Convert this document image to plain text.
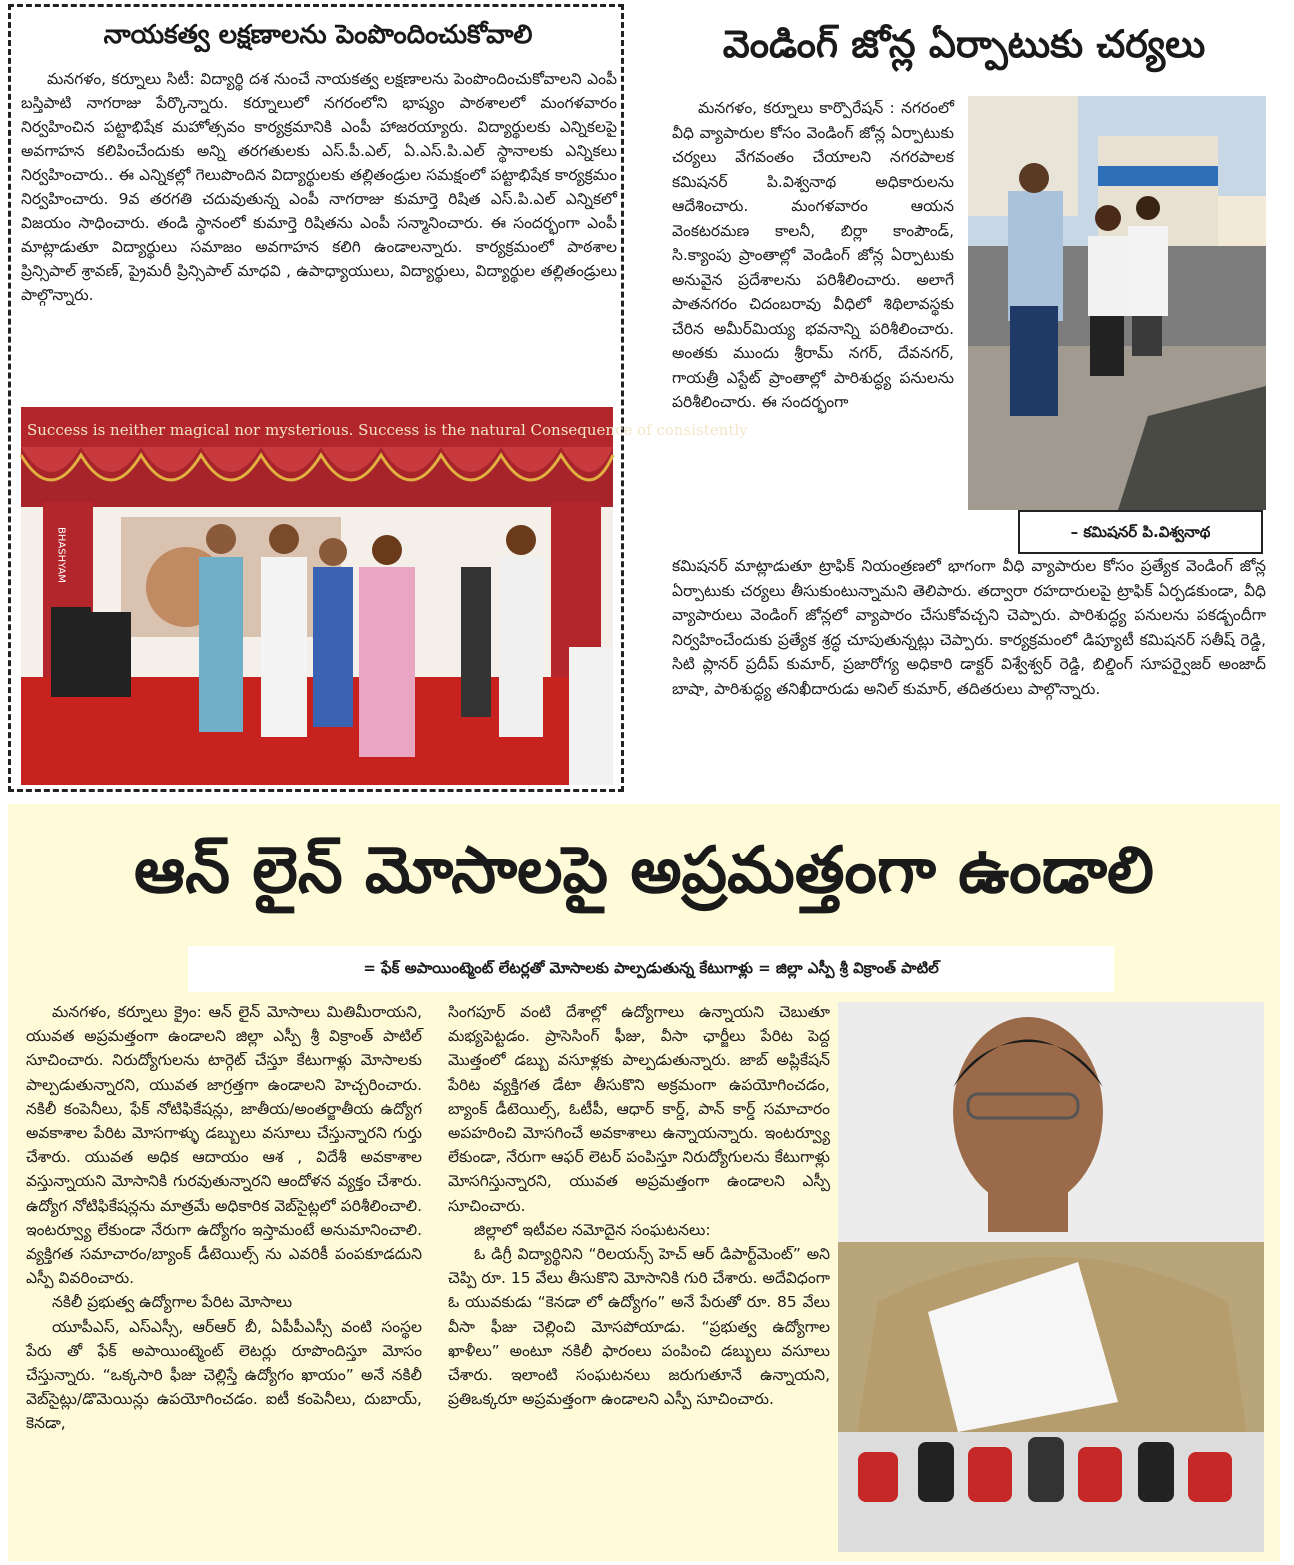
నాయకత్వ లక్షణాలను పెంపొందించుకోవాలి

మనగళం, కర్నూలు సిటీ: విద్యార్థి దశ నుంచే నాయకత్వ లక్షణాలను పెంపొందించుకోవాలని ఎంపీ బస్తిపాటి నాగరాజు పేర్కొన్నారు. కర్నూలులో నగరంలోని భాష్యం పాఠశాలలో మంగళవారం నిర్వహించిన పట్టాభిషేక మహోత్సవం కార్యక్రమానికి ఎంపీ హాజరయ్యారు. విద్యార్థులకు ఎన్నికలపై అవగాహన కలిపించేందుకు అన్ని తరగతులకు ఎస్.పీ.ఎల్, ఏ.ఎస్.పి.ఎల్ స్థానాలకు ఎన్నికలు నిర్వహించారు.. ఈ ఎన్నికల్లో గెలుపొందిన విద్యార్థులకు తల్లితండ్రుల సమక్షంలో పట్టాభిషేక కార్యక్రమం నిర్వహించారు. 9వ తరగతి చదువుతున్న ఎంపీ నాగరాజు కుమార్తె రిషిత ఎస్.పి.ఎల్ ఎన్నికలో విజయం సాధించారు. తండి స్థానంలో కుమార్తె రిషితను ఎంపీ సన్మానించారు. ఈ సందర్భంగా ఎంపీ మాట్లాడుతూ విద్యార్థులు సమాజం అవగాహన కలిగి ఉండాలన్నారు. కార్యక్రమంలో పాఠశాల ప్రిన్సిపాల్ శ్రావణ్, ప్రైమరీ ప్రిన్సిపాల్ మాధవి , ఉపాధ్యాయులు, విద్యార్థులు, విద్యార్థుల తల్లితండ్రులు పాల్గొన్నారు.

Success is neither magical nor mysterious. Success is the natural Consequence of consistently
BHASHYAM
వెండింగ్ జోన్ల ఏర్పాటుకు చర్యలు

మనగళం, కర్నూలు కార్పొరేషన్ : నగరంలో వీధి వ్యాపారుల కోసం వెండింగ్ జోన్ల ఏర్పాటుకు చర్యలు వేగవంతం చేయాలని నగరపాలక కమిషనర్ పి.విశ్వనాథ అధికారులను ఆదేశించారు. మంగళవారం ఆయన వెంకటరమణ కాలనీ, బిర్లా కాంపౌండ్, సి.క్యాంపు ప్రాంతాల్లో వెండింగ్ జోన్ల ఏర్పాటుకు అనువైన ప్రదేశాలను పరిశీలించారు. అలాగే పాతనగరం చిదంబరావు వీధిలో శిథిలావస్థకు చేరిన అమీర్‌మియ్య భవనాన్ని పరిశీలించారు. అంతకు ముందు శ్రీరామ్ నగర్, దేవనగర్, గాయత్రీ ఎస్టేట్ ప్రాంతాల్లో పారిశుద్ధ్య పనులను పరిశీలించారు. ఈ సందర్భంగా

– కమిషనర్ పి.విశ్వనాథ

కమిషనర్ మాట్లాడుతూ ట్రాఫిక్ నియంత్రణలో భాగంగా వీధి వ్యాపారుల కోసం ప్రత్యేక వెండింగ్ జోన్ల ఏర్పాటుకు చర్యలు తీసుకుంటున్నామని తెలిపారు. తద్వారా రహదారులపై ట్రాఫిక్ ఏర్పడకుండా, వీధి వ్యాపారులు వెండింగ్ జోన్లలో వ్యాపారం చేసుకోవచ్చని చెప్పారు. పారిశుద్ధ్య పనులను పకడ్బందీగా నిర్వహించేందుకు ప్రత్యేక శ్రద్ధ చూపుతున్నట్లు చెప్పారు. కార్యక్రమంలో డిప్యూటీ కమిషనర్ సతీష్ రెడ్డి, సిటి ప్లానర్ ప్రదీప్ కుమార్, ప్రజారోగ్య అధికారి డాక్టర్ విశ్వేశ్వర్ రెడ్డి, బిల్డింగ్ సూపర్వైజర్ అంజాద్ బాషా, పారిశుద్ధ్య తనిఖీదారుడు అనిల్ కుమార్, తదితరులు పాల్గొన్నారు.

ఆన్ లైన్ మోసాలపై అప్రమత్తంగా ఉండాలి
= ఫేక్ అపాయింట్మెంట్ లేటర్లతో మోసాలకు పాల్పడుతున్న కేటుగాళ్లు = జిల్లా ఎస్పీ శ్రీ విక్రాంత్ పాటిల్

మనగళం, కర్నూలు క్రైం: ఆన్ లైన్ మోసాలు మితిమీరాయని, యువత అప్రమత్తంగా ఉండాలని జిల్లా ఎస్పీ శ్రీ విక్రాంత్ పాటిల్ సూచించారు. నిరుద్యోగులను టార్గెట్ చేస్తూ కేటుగాళ్లు మోసాలకు పాల్పడుతున్నారని, యువత జాగ్రత్తగా ఉండాలని హెచ్చరించారు. నకిలీ కంపెనీలు, ఫేక్ నోటిఫికేషన్లు, జాతీయ/అంతర్జాతీయ ఉద్యోగ అవకాశాల పేరిట మోసగాళ్ళు డబ్బులు వసూలు చేస్తున్నారని గుర్తు చేశారు. యువత అధిక ఆదాయం ఆశ , విదేశీ అవకాశాల వస్తున్నాయని మోసానికి గురవుతున్నారని ఆందోళన వ్యక్తం చేశారు. ఉద్యోగ నోటిఫికేషన్లను మాత్రమే అధికారిక వెబ్‌సైట్లలో పరిశీలించాలి. ఇంటర్వ్యూ లేకుండా నేరుగా ఉద్యోగం ఇస్తామంటే అనుమానించాలి. వ్యక్తిగత సమాచారం/బ్యాంక్ డీటెయిల్స్ ను ఎవరికీ పంపకూడదుని ఎస్పీ వివరించారు.

నకిలీ ప్రభుత్వ ఉద్యోగాల పేరిట మోసాలు

యూపీఎస్, ఎస్ఎస్సీ, ఆర్ఆర్ బీ, ఏపీపీఎస్సీ వంటి సంస్థల పేరు తో ఫేక్ అపాయింట్మెంట్ లెటర్లు రూపొందిస్తూ మోసం చేస్తున్నారు. “ఒక్కసారి ఫీజు చెల్లిస్తే ఉద్యోగం ఖాయం” అనే నకిలీ వెబ్‌సైట్లు/డొమెయిన్లు ఉపయోగించడం. ఐటీ కంపెనీలు, దుబాయ్, కెనడా,

సింగపూర్ వంటి దేశాల్లో ఉద్యోగాలు ఉన్నాయని చెబుతూ మభ్యపెట్టడం. ప్రాసెసింగ్ ఫీజు, వీసా ఛార్జీలు పేరిట పెద్ద మొత్తంలో డబ్బు వసూళ్లకు పాల్పడుతున్నారు. జాబ్ అప్లికేషన్ పేరిట వ్యక్తిగత డేటా తీసుకొని అక్రమంగా ఉపయోగించడం, బ్యాంక్ డీటెయిల్స్, ఓటీపీ, ఆధార్ కార్డ్, పాన్ కార్డ్ సమాచారం అపహరించి మోసగించే అవకాశాలు ఉన్నాయన్నారు. ఇంటర్వ్యూ లేకుండా, నేరుగా ఆఫర్ లెటర్ పంపిస్తూ నిరుద్యోగులను కేటుగాళ్లు మోసగిస్తున్నారని, యువత అప్రమత్తంగా ఉండాలని ఎస్పీ సూచించారు.

జిల్లాలో ఇటీవల నమోదైన సంఘటనలు:

ఓ డిగ్రీ విద్యార్థినిని “రిలయన్స్ హెచ్ ఆర్ డిపార్ట్‌మెంట్” అని చెప్పి రూ. 15 వేలు తీసుకొని మోసానికి గురి చేశారు. అదేవిధంగా ఓ యువకుడు “కెనడా లో ఉద్యోగం” అనే పేరుతో రూ. 85 వేలు వీసా ఫీజు చెల్లించి మోసపోయాడు. “ప్రభుత్వ ఉద్యోగాల ఖాళీలు” అంటూ నకిలీ ఫారంలు పంపించి డబ్బులు వసూలు చేశారు. ఇలాంటి సంఘటనలు జరుగుతూనే ఉన్నాయని, ప్రతిఒక్కరూ అప్రమత్తంగా ఉండాలని ఎస్పీ సూచించారు.
